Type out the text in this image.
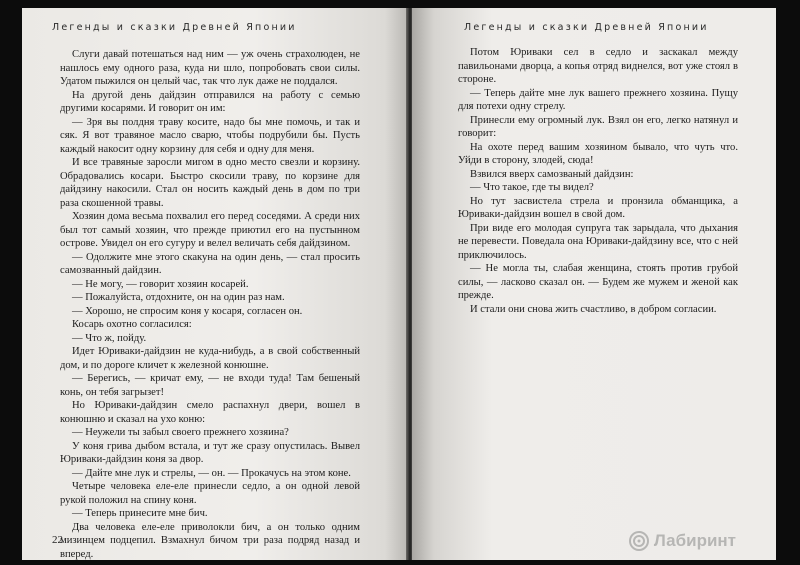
Легенды и сказки Древней Японии

Слуги давай потешаться над ним — уж очень страхолюден, не нашлось ему одного раза, куда ни шло, попробовать свои силы. Удатом пыжился он целый час, так что лук даже не поддался.

На другой день дайдзин отправился на работу с семью другими косарями. И говорит он им:

— Зря вы полдня траву косите, надо бы мне помочь, и так и сяк. Я вот травяное масло сварю, чтобы подрубили бы. Пусть каждый накосит одну корзину для себя и одну для меня.

И все травяные заросли мигом в одно место свезли и корзину. Обрадовались косари. Быстро скосили траву, по корзине для дайдзину накосили. Стал он носить каждый день в дом по три раза скошенной травы.

Хозяин дома весьма похвалил его перед соседями. А среди них был тот самый хозяин, что прежде приютил его на пустынном острове. Увидел он его сугуру и велел величать себя дайдзином.

— Одолжите мне этого скакуна на один день, — стал просить самозванный дайдзин.

— Не могу, — говорит хозяин косарей.

— Пожалуйста, отдохните, он на один раз нам.

— Хорошо, не спросим коня у косаря, согласен он.

Косарь охотно согласился:

— Что ж, пойду.

Идет Юриваки-дайдзин не куда-нибудь, а в свой собственный дом, и по дороге кличет к железной конюшне.

— Берегись, — кричат ему, — не входи туда! Там бешеный конь, он тебя загрызет!

Но Юриваки-дайдзин смело распахнул двери, вошел в конюшню и сказал на ухо коню:

— Неужели ты забыл своего прежнего хозяина?

У коня грива дыбом встала, и тут же сразу опустилась. Вывел Юриваки-дайдзин коня за двор.

— Дайте мне лук и стрелы, — он. — Прокачусь на этом коне.

Четыре человека еле-еле принесли седло, а он одной левой рукой положил на спину коня.

— Теперь принесите мне бич.

Два человека еле-еле приволокли бич, а он только одним мизинцем подцепил. Взмахнул бичом три раза подряд назад и вперед.

22
Легенды и сказки Древней Японии

Потом Юриваки сел в седло и заскакал между павильонами дворца, а копья отряд виднелся, вот уже стоял в стороне.

— Теперь дайте мне лук вашего прежнего хозяина. Пущу для потехи одну стрелу.

Принесли ему огромный лук. Взял он его, легко натянул и говорит:

На охоте перед вашим хозяином бывало, что чуть что. Уйди в сторону, злодей, сюда!

Взвился вверх самозваный дайдзин:

— Что такое, где ты видел?

Но тут засвистела стрела и пронзила обманщика, а Юриваки-дайдзин вошел в свой дом.

При виде его молодая супруга так зарыдала, что дыхания не перевести. Поведала она Юриваки-дайдзину все, что с ней приключилось.

— Не могла ты, слабая женщина, стоять против грубой силы, — ласково сказал он. — Будем же мужем и женой как прежде.

И стали они снова жить счастливо, в добром согласии.

Лабиринт
